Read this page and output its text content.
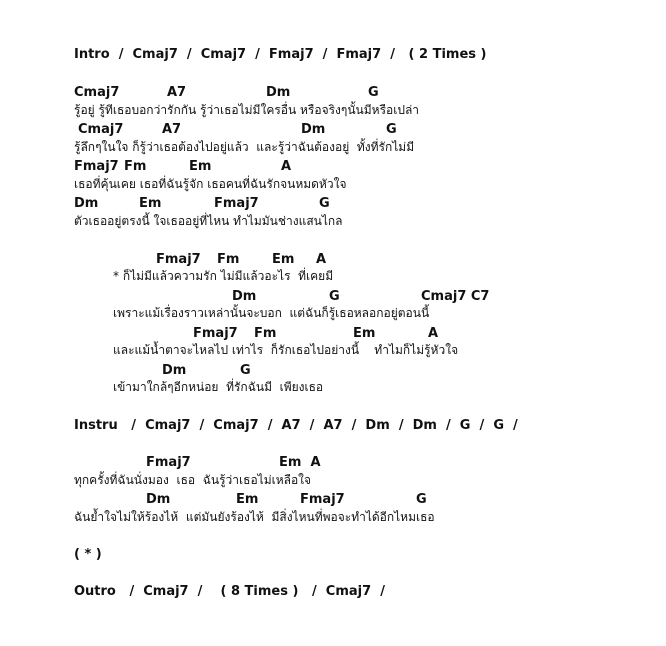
Intro  /  Cmaj7  /  Cmaj7  /  Fmaj7  /  Fmaj7  /   ( 2 Times )
Cmaj7	A7	Dm	G
รู้อยู่ รู้ทีเธอบอกว่ารักกัน รู้ว่าเธอไม่มีใครอื่น หรือจริงๆนั้นมีหรือเปล่า
Cmaj7	A7	Dm	G
รู้ลึกๆในใจ ก็รู้ว่าเธอต้องไปอยู่แล้ว  และรู้ว่าฉันต้องอยู่  ทั้งที่รักไม่มี
Fmaj7 Fm	Em	A
เธอที่คุ้นเคย เธอที่ฉันรู้จัก เธอคนที่ฉันรักจนหมดหัวใจ
Dm	Em	Fmaj7	G
ตัวเธออยู่ตรงนี้ ใจเธออยู่ที่ไหน ทำไมมันช่างแสนไกล
Fmaj7 Fm	Em A
* ก็ไม่มีแล้วความรัก ไม่มีแล้วอะไร  ที่เคยมี
Dm	G	Cmaj7 C7
เพราะแม้เรื่องราวเหล่านั้นจะบอก  แต่ฉันก็รู้เธอหลอกอยู่ตอนนี้
Fmaj7 Fm	Em	A
และแม้น้ำตาจะไหลไป เท่าไร  ก็รักเธอไปอย่างนี้    ทำไมก็ไม่รู้หัวใจ
Dm	G
เข้ามาใกล้ๆอีกหน่อย  ที่รักฉันมี  เพียงเธอ
Instru   /  Cmaj7  /  Cmaj7  /  A7  /  A7  /  Dm  /  Dm  /  G  /  G  /
Fmaj7	Em  A
ทุกครั้งที่ฉันนั่งมอง  เธอ  ฉันรู้ว่าเธอไม่เหลือใจ
Dm	Em	Fmaj7	G
ฉันย้ำใจไม่ให้ร้องไห้  แต่มันยังร้องไห้  มีสิ่งไหนที่พอจะทำได้อีกไหมเธอ
( * )
Outro   /  Cmaj7  /    ( 8 Times )   /  Cmaj7  /
